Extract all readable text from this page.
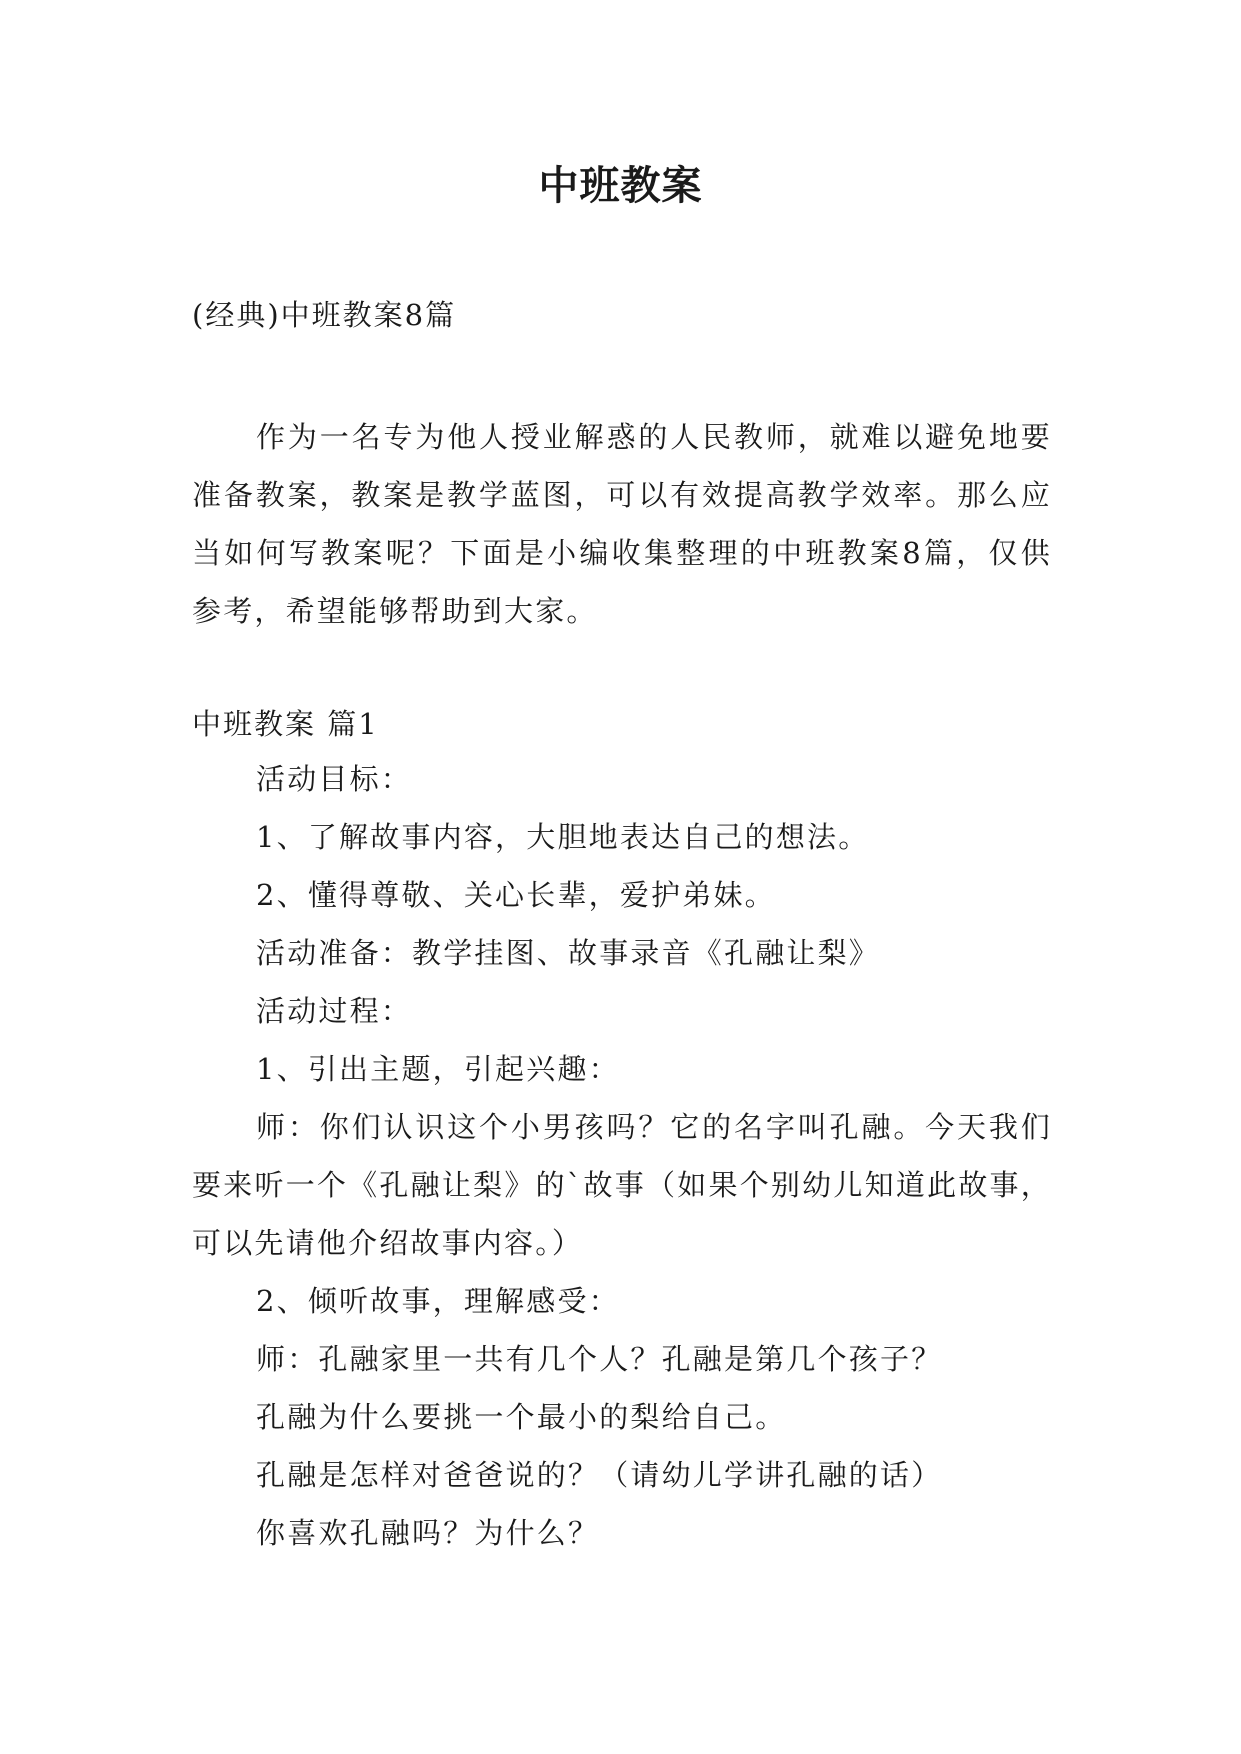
中班教案
(经典)中班教案8篇

作为一名专为他人授业解惑的人民教师，就难以避免地要准备教案，教案是教学蓝图，可以有效提高教学效率。那么应当如何写教案呢？下面是小编收集整理的中班教案8篇，仅供参考，希望能够帮助到大家。

中班教案 篇1
活动目标：
1、了解故事内容，大胆地表达自己的想法。
2、懂得尊敬、关心长辈，爱护弟妹。
活动准备：教学挂图、故事录音《孔融让梨》
活动过程：
1、引出主题，引起兴趣：
师：你们认识这个小男孩吗？它的名字叫孔融。今天我们要来听一个《孔融让梨》的`故事（如果个别幼儿知道此故事，可以先请他介绍故事内容。）
2、倾听故事，理解感受：
师：孔融家里一共有几个人？孔融是第几个孩子？
孔融为什么要挑一个最小的梨给自己。
孔融是怎样对爸爸说的？（请幼儿学讲孔融的话）
你喜欢孔融吗？为什么？
